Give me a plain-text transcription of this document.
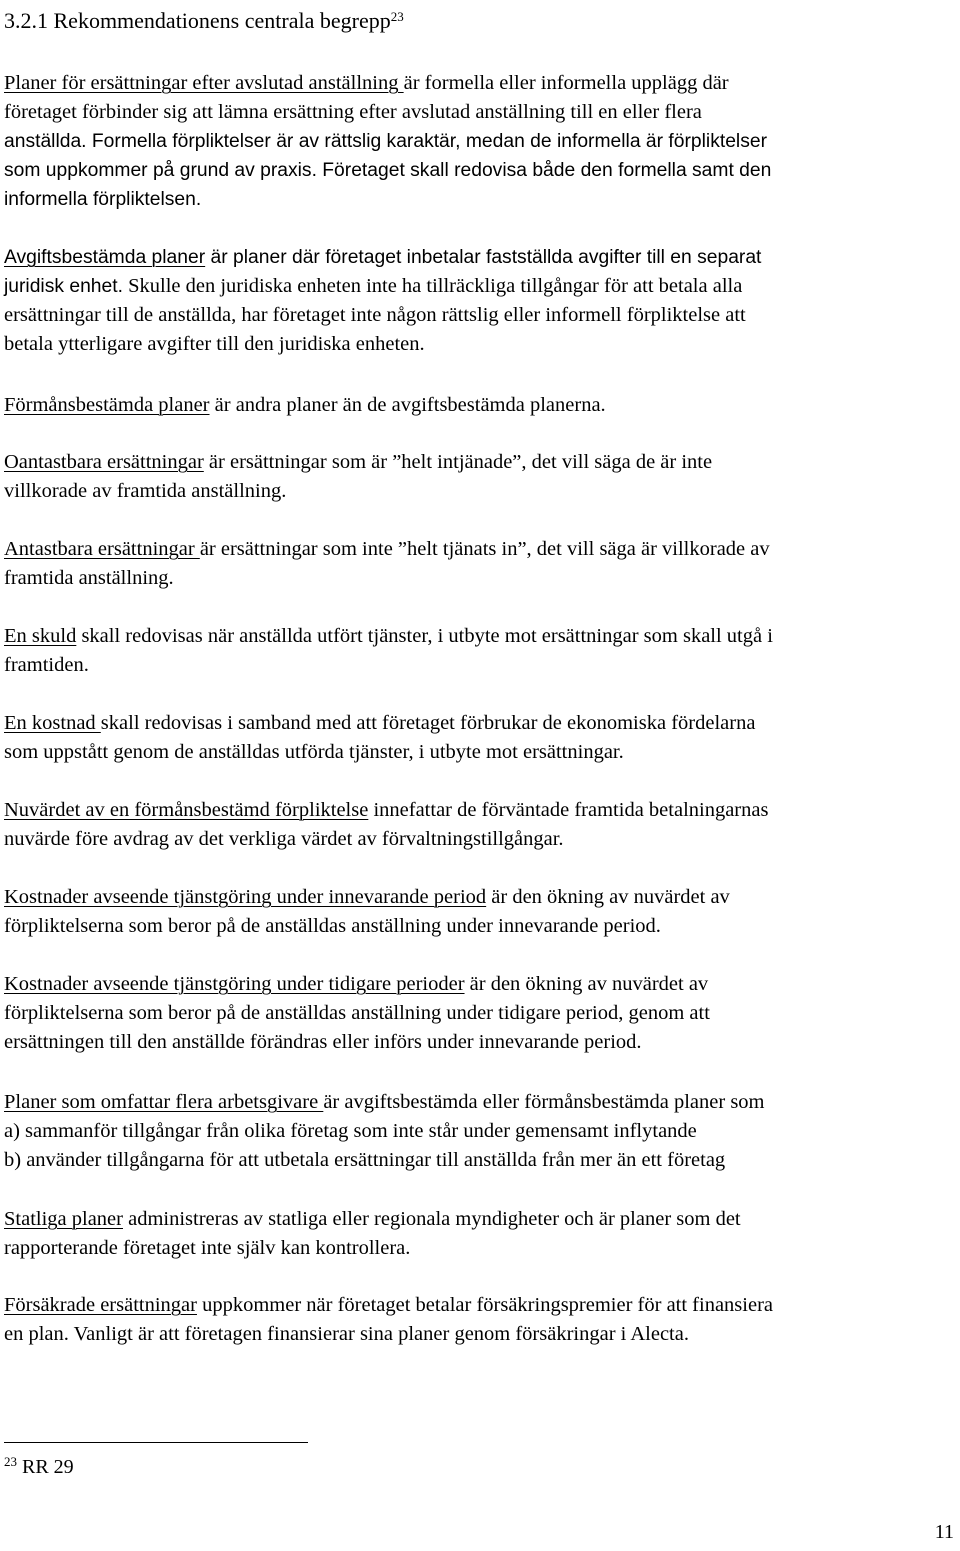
3.2.1 Rekommendationens centrala begrepp$^{23}$
Planer för ersättningar efter avslutad anställning är formella eller informella upplägg där
företaget förbinder sig att lämna ersättning efter avslutad anställning till en eller flera
anställda. Formella förpliktelser är av rättslig karaktär, medan de informella är förpliktelser
som uppkommer på grund av praxis. Företaget skall redovisa både den formella samt den
informella förpliktelsen.
Avgiftsbestämda planer är planer där företaget inbetalar fastställda avgifter till en separat
juridisk enhet. Skulle den juridiska enheten inte ha tillräckliga tillgångar för att betala alla
ersättningar till de anställda, har företaget inte någon rättslig eller informell förpliktelse att
betala ytterligare avgifter till den juridiska enheten.
Förmånsbestämda planer är andra planer än de avgiftsbestämda planerna.
Oantastbara ersättningar är ersättningar som är ”helt intjänade”, det vill säga de är inte
villkorade av framtida anställning.
Antastbara ersättningar är ersättningar som inte ”helt tjänats in”, det vill säga är villkorade av
framtida anställning.
En skuld skall redovisas när anställda utfört tjänster, i utbyte mot ersättningar som skall utgå i
framtiden.
En kostnad skall redovisas i samband med att företaget förbrukar de ekonomiska fördelarna
som uppstått genom de anställdas utförda tjänster, i utbyte mot ersättningar.
Nuvärdet av en förmånsbestämd förpliktelse innefattar de förväntade framtida betalningarnas
nuvärde före avdrag av det verkliga värdet av förvaltningstillgångar.
Kostnader avseende tjänstgöring under innevarande period är den ökning av nuvärdet av
förpliktelserna som beror på de anställdas anställning under innevarande period.
Kostnader avseende tjänstgöring under tidigare perioder är den ökning av nuvärdet av
förpliktelserna som beror på de anställdas anställning under tidigare period, genom att
ersättningen till den anställde förändras eller införs under innevarande period.
Planer som omfattar flera arbetsgivare är avgiftsbestämda eller förmånsbestämda planer som
a) sammanför tillgångar från olika företag som inte står under gemensamt inflytande
b) använder tillgångarna för att utbetala ersättningar till anställda från mer än ett företag
Statliga planer administreras av statliga eller regionala myndigheter och är planer som det
rapporterande företaget inte själv kan kontrollera.
Försäkrade ersättningar uppkommer när företaget betalar försäkringspremier för att finansiera
en plan. Vanligt är att företagen finansierar sina planer genom försäkringar i Alecta.
$^{23}$ RR 29
11
